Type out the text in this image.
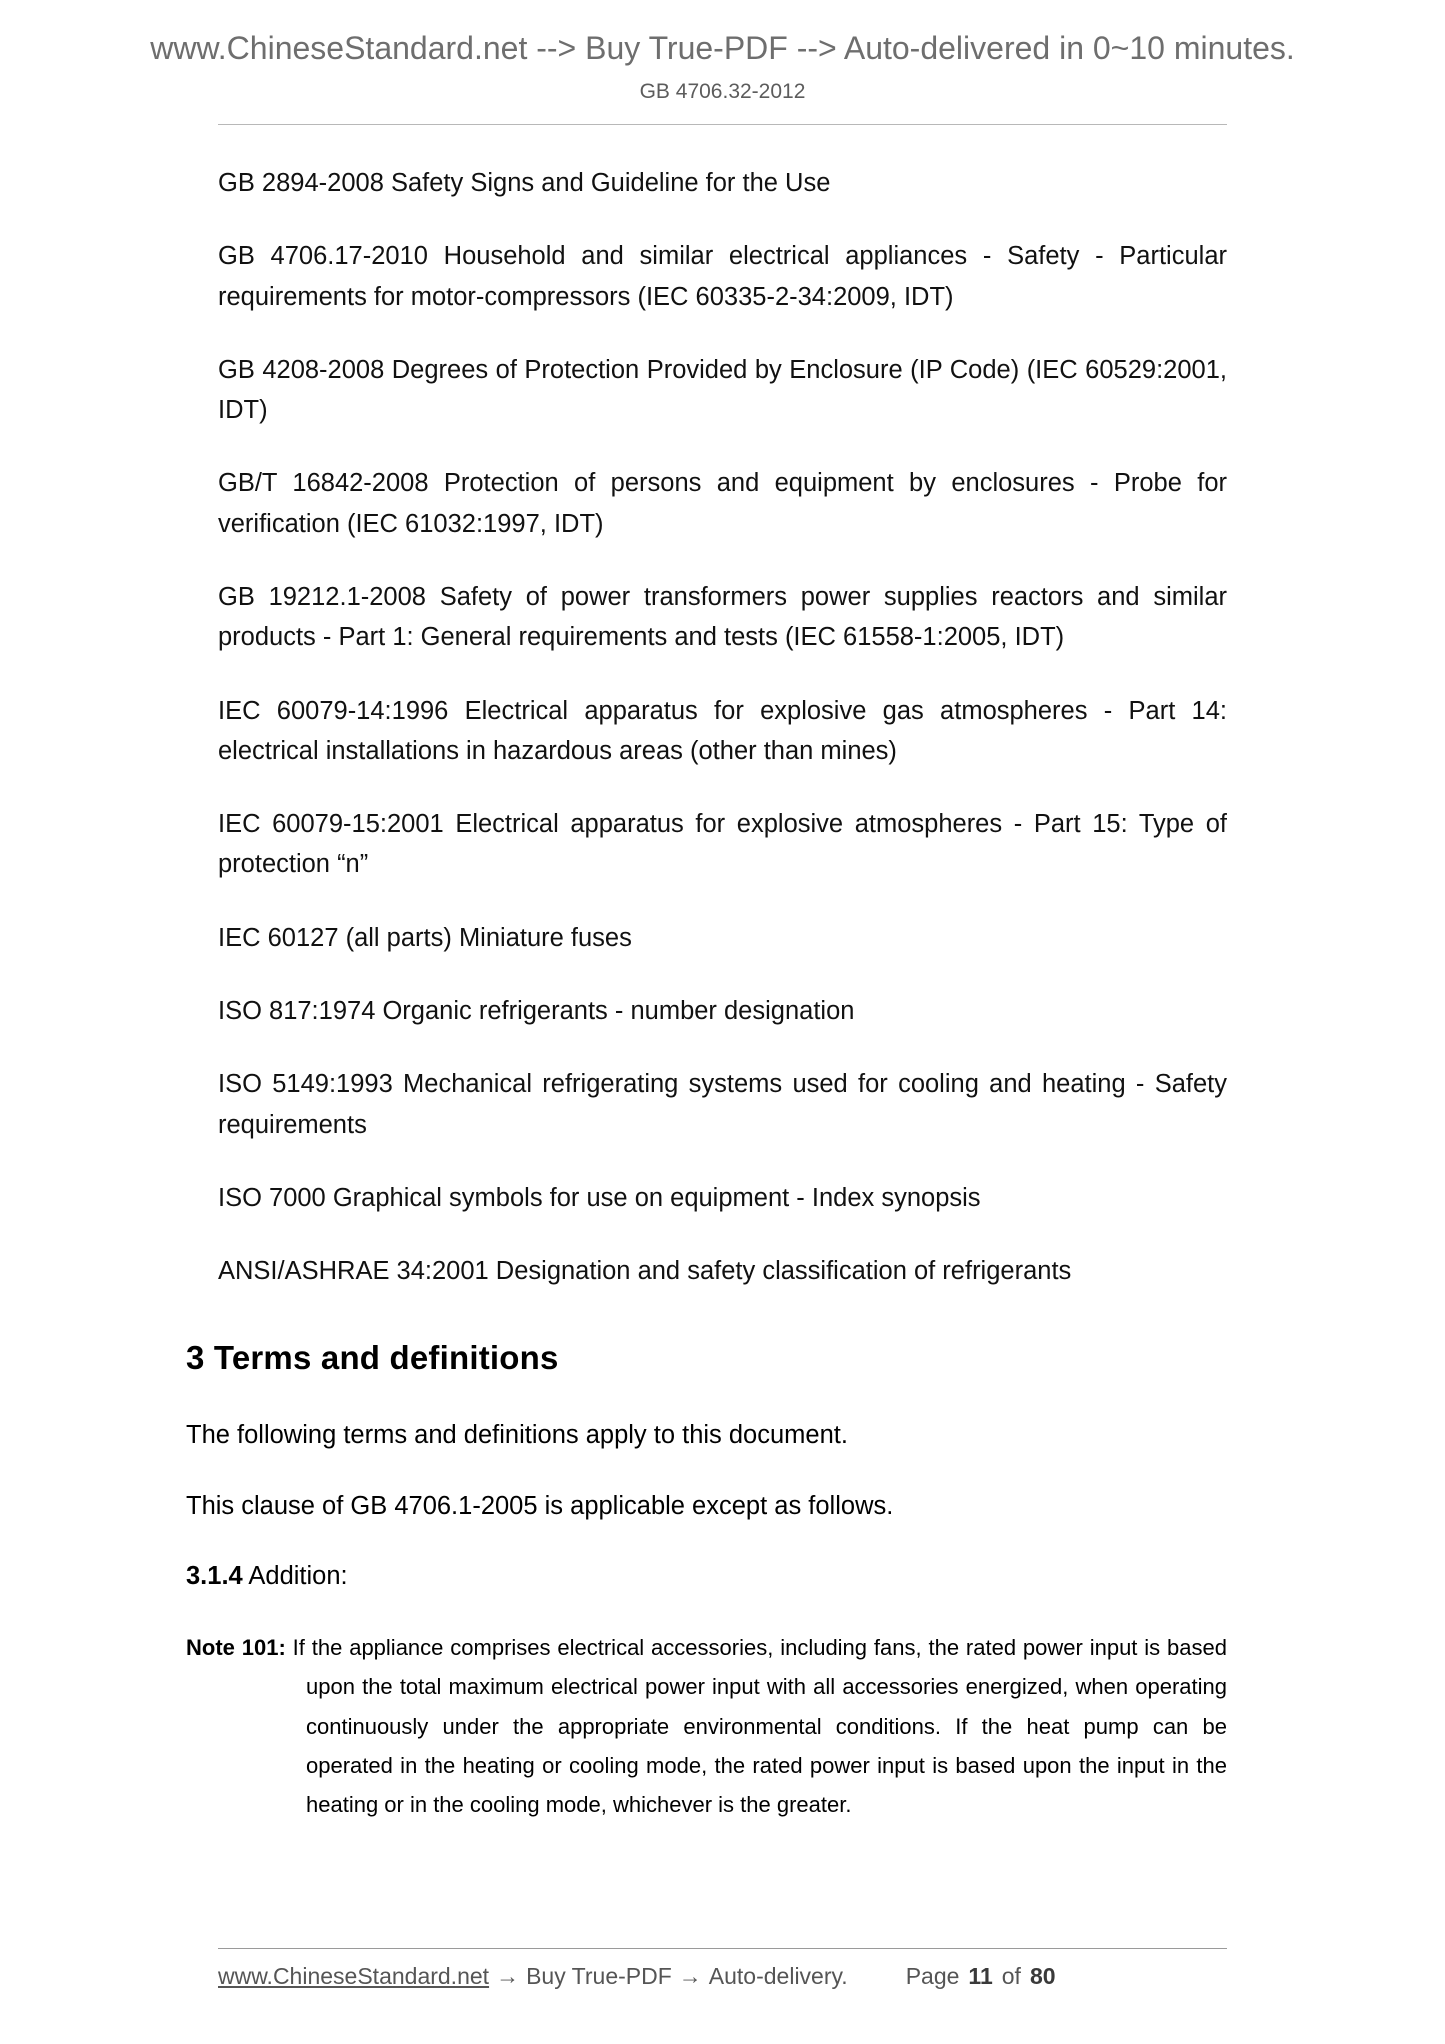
www.ChineseStandard.net --> Buy True-PDF --> Auto-delivered in 0~10 minutes.
GB 4706.32-2012

GB 2894-2008 Safety Signs and Guideline for the Use

GB 4706.17-2010 Household and similar electrical appliances - Safety - Particular requirements for motor-compressors (IEC 60335-2-34:2009, IDT)

GB 4208-2008 Degrees of Protection Provided by Enclosure (IP Code) (IEC 60529:2001, IDT)

GB/T 16842-2008 Protection of persons and equipment by enclosures - Probe for verification (IEC 61032:1997, IDT)

GB 19212.1-2008 Safety of power transformers power supplies reactors and similar products - Part 1: General requirements and tests (IEC 61558-1:2005, IDT)

IEC 60079-14:1996 Electrical apparatus for explosive gas atmospheres - Part 14: electrical installations in hazardous areas (other than mines)

IEC 60079-15:2001 Electrical apparatus for explosive atmospheres - Part 15: Type of protection “n”

IEC 60127 (all parts) Miniature fuses

ISO 817:1974 Organic refrigerants - number designation

ISO 5149:1993 Mechanical refrigerating systems used for cooling and heating - Safety requirements

ISO 7000 Graphical symbols for use on equipment - Index synopsis

ANSI/ASHRAE 34:2001 Designation and safety classification of refrigerants

3 Terms and definitions

The following terms and definitions apply to this document.

This clause of GB 4706.1-2005 is applicable except as follows.

3.1.4 Addition:

Note 101: If the appliance comprises electrical accessories, including fans, the rated power input is based upon the total maximum electrical power input with all accessories energized, when operating continuously under the appropriate environmental conditions. If the heat pump can be operated in the heating or cooling mode, the rated power input is based upon the input in the heating or in the cooling mode, whichever is the greater.

www.ChineseStandard.net → Buy True-PDF → Auto-delivery.	Page 11 of 80
